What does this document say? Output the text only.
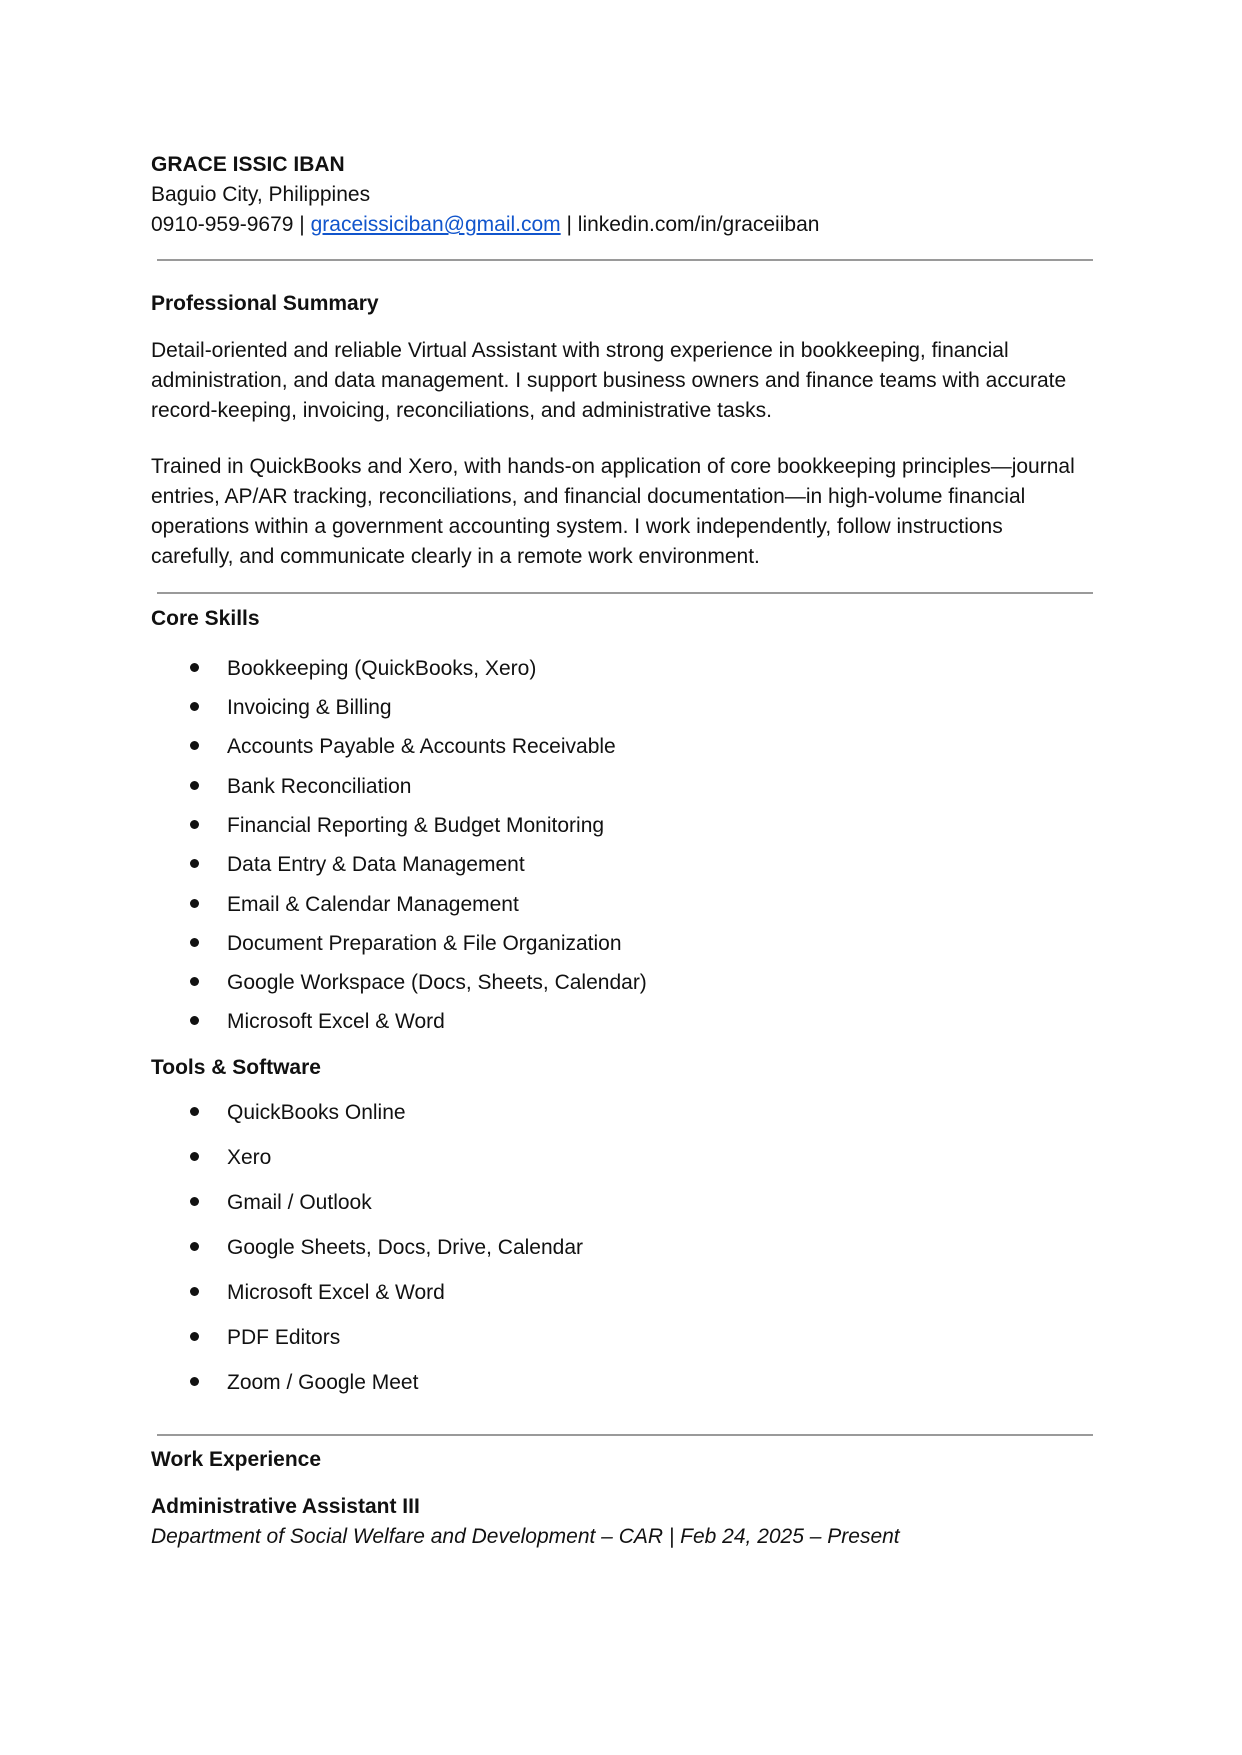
GRACE ISSIC IBAN
Baguio City, Philippines
0910-959-9679 | graceissiciban@gmail.com | linkedin.com/in/graceiiban
Professional Summary

Detail-oriented and reliable Virtual Assistant with strong experience in bookkeeping, financial

administration, and data management. I support business owners and finance teams with accurate

record-keeping, invoicing, reconciliations, and administrative tasks.

Trained in QuickBooks and Xero, with hands-on application of core bookkeeping principles—journal

entries, AP/AR tracking, reconciliations, and financial documentation—in high-volume financial

operations within a government accounting system. I work independently, follow instructions

carefully, and communicate clearly in a remote work environment.

Core Skills
Bookkeeping (QuickBooks, Xero)
Invoicing & Billing
Accounts Payable & Accounts Receivable
Bank Reconciliation
Financial Reporting & Budget Monitoring
Data Entry & Data Management
Email & Calendar Management
Document Preparation & File Organization
Google Workspace (Docs, Sheets, Calendar)
Microsoft Excel & Word
Tools & Software
QuickBooks Online
Xero
Gmail / Outlook
Google Sheets, Docs, Drive, Calendar
Microsoft Excel & Word
PDF Editors
Zoom / Google Meet
Work Experience
Administrative Assistant III
Department of Social Welfare and Development – CAR | Feb 24, 2025 – Present
